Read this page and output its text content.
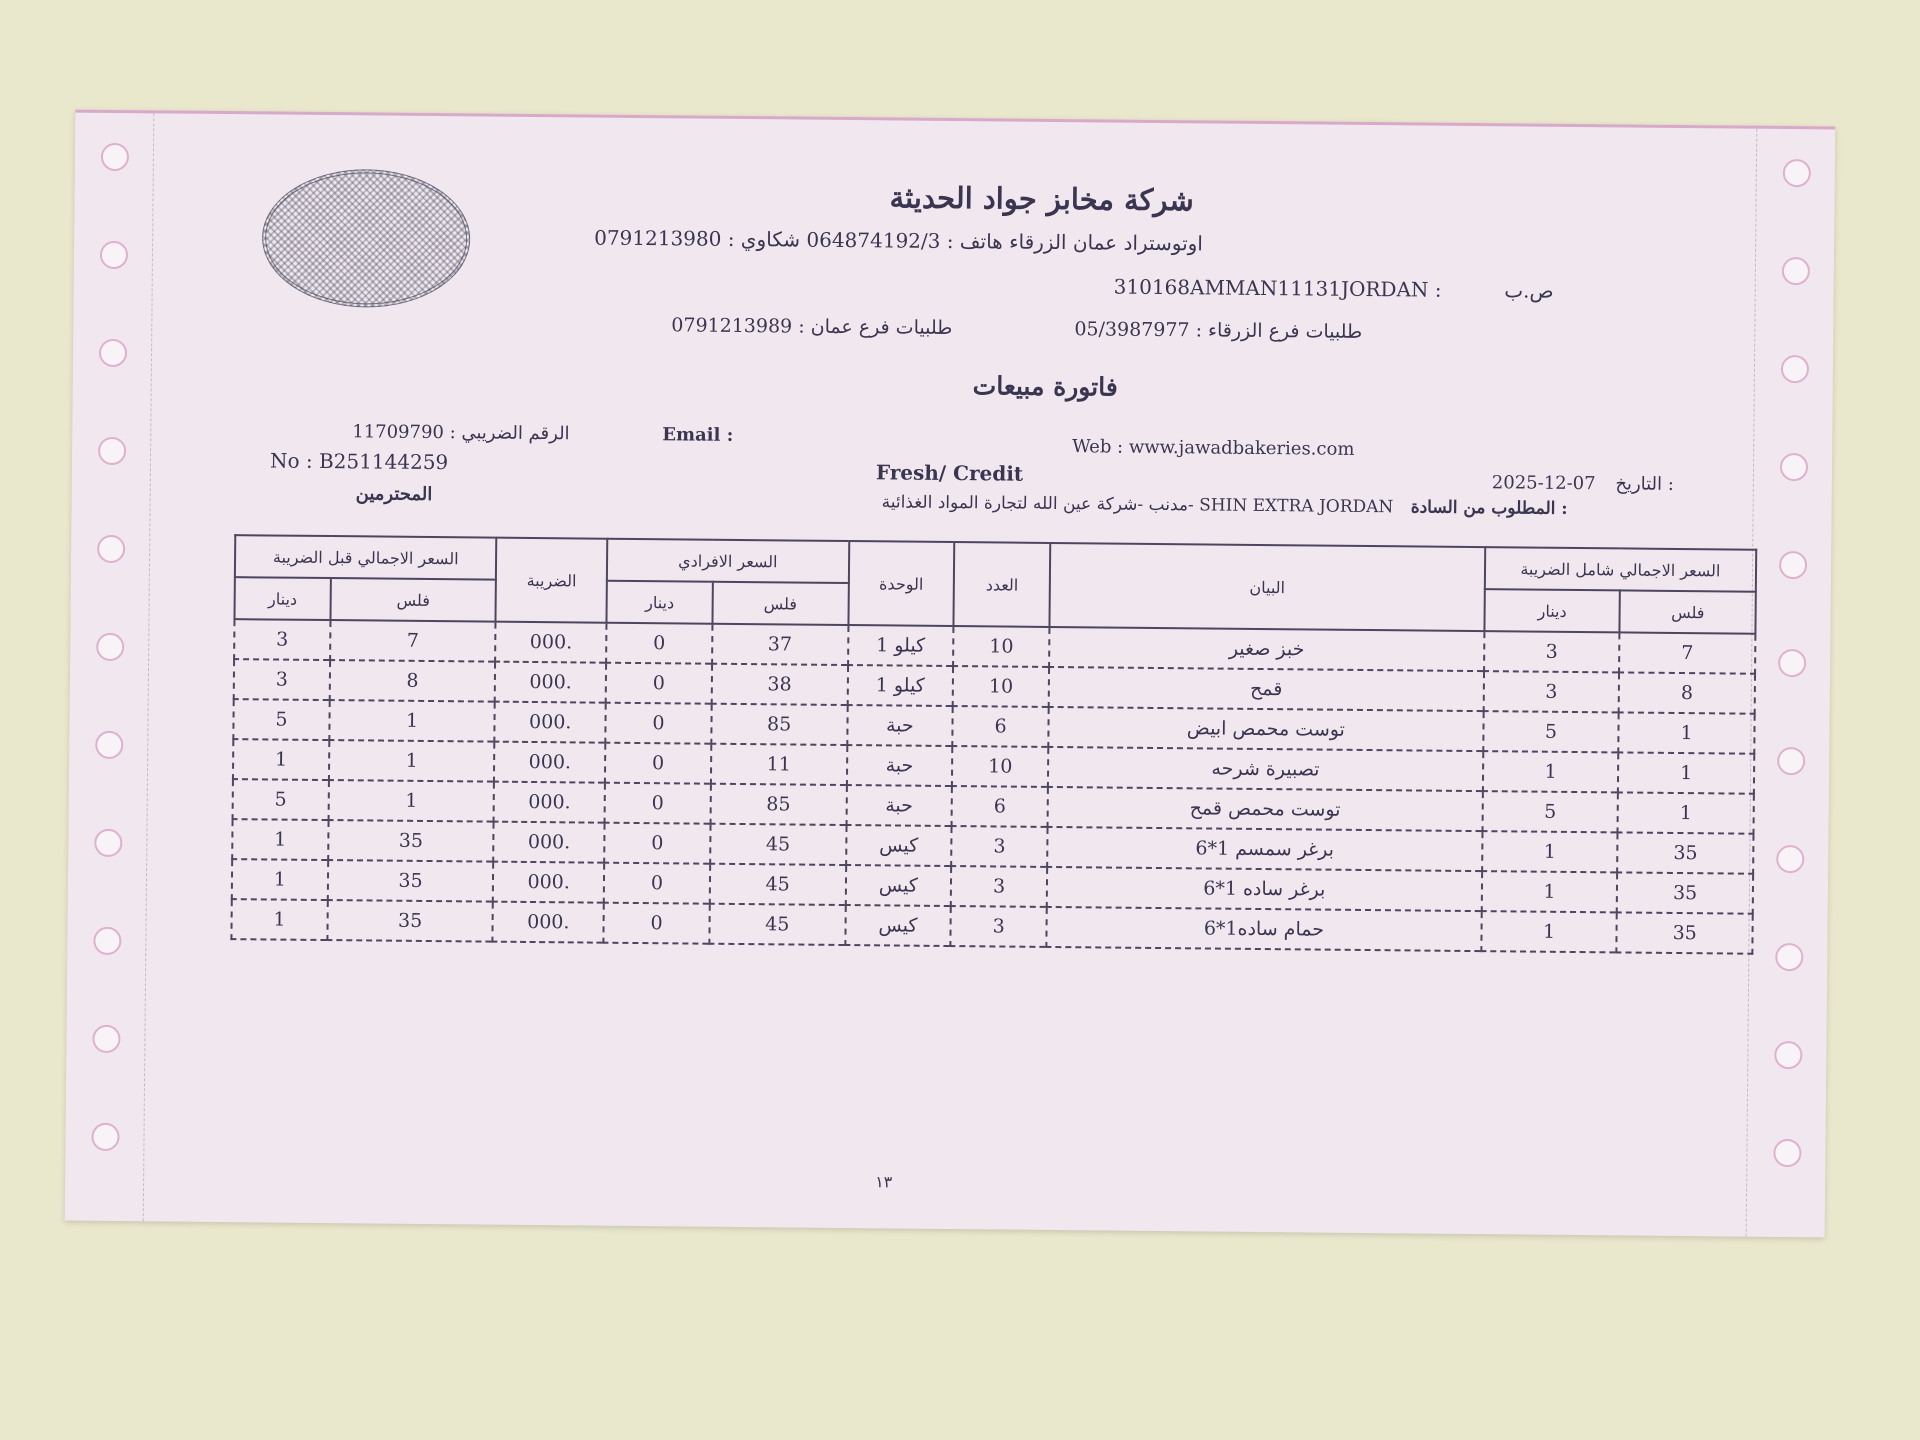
شركة مخابز جواد الحديثة
اوتوستراد عمان الزرقاء هاتف : 064874192/3 شكاوي : 0791213980
310168AMMAN11131JORDAN :	ص.ب
طلبيات فرع الزرقاء : 05/3987977  طلبيات فرع عمان : 0791213989
فاتورة مبيعات
الرقم الضريبي : 11709790	Email :
Web : www.jawadbakeries.com
No : B251144259	Fresh/ Credit	2025-12-07 التاريخ :
المحترمين	مدنب -شركة عين الله لتجارة المواد الغذائية- SHIN EXTRA JORDAN المطلوب من السادة :
السعر الاجمالي شامل الضريبة		البيان	العدد	الوحدة	السعر الافرادي		الضريبة	السعر الاجمالي قبل الضريبة	
فلس	دينار				فلس	دينار		فلس	دينار
7	3	خبز صغير	10	كيلو 1	37	0	.000	7	3
8	3	قمح	10	كيلو 1	38	0	.000	8	3
1	5	توست محمص ابيض	6	حبة	85	0	.000	1	5
1	1	تصبيرة شرحه	10	حبة	11	0	.000	1	1
1	5	توست محمص قمح	6	حبة	85	0	.000	1	5
35	1	برغر سمسم 1*6	3	كيس	45	0	.000	35	1
35	1	برغر ساده 1*6	3	كيس	45	0	.000	35	1
35	1	حمام ساده1*6	3	كيس	45	0	.000	35	1
١٣
